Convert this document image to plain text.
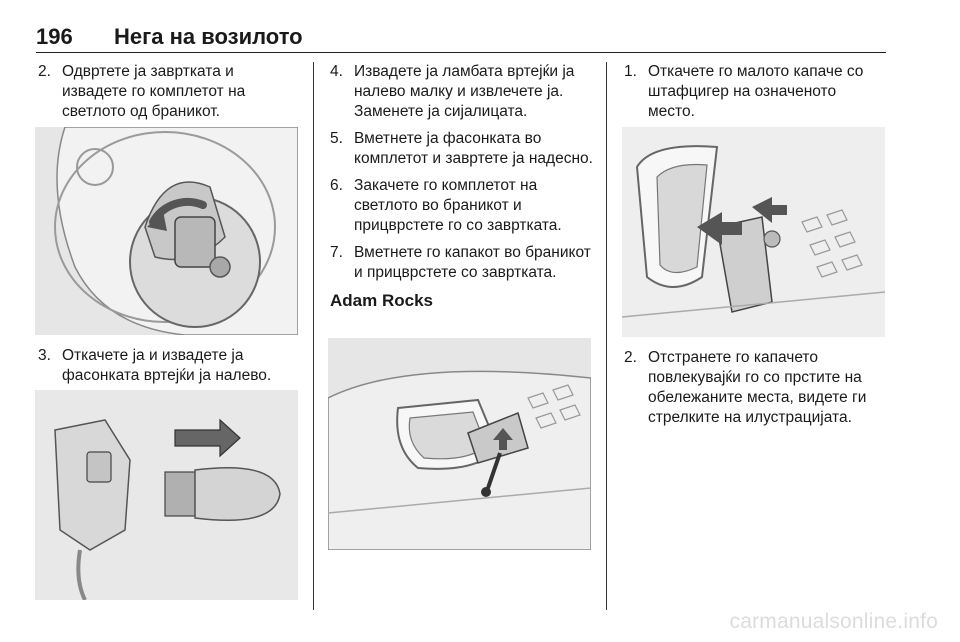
196 Нега на возилото
2. Одвртете ја завртката и извадете го комплетот на светлото од браникот.
3. Откачете ја и извадете ја фасонката вртејќи ја налево.
4. Извадете ја ламбата вртејќи ја налево малку и извлечете ја. Заменете ја сијалицата.
5. Вметнете ја фасонката во комплетот и завртете ја надесно.
6. Закачете го комплетот на светлото во браникот и прицврстете го со завртката.
7. Вметнете го капакот во браникот и прицврстете со завртката.
Adam Rocks
1. Откачете го малото капаче со штафцигер на означеното место.
2. Отстранете го капачето повлекувајќи го со прстите на обележаните места, видете ги стрелките на илустрацијата.
carmanualsonline.info
